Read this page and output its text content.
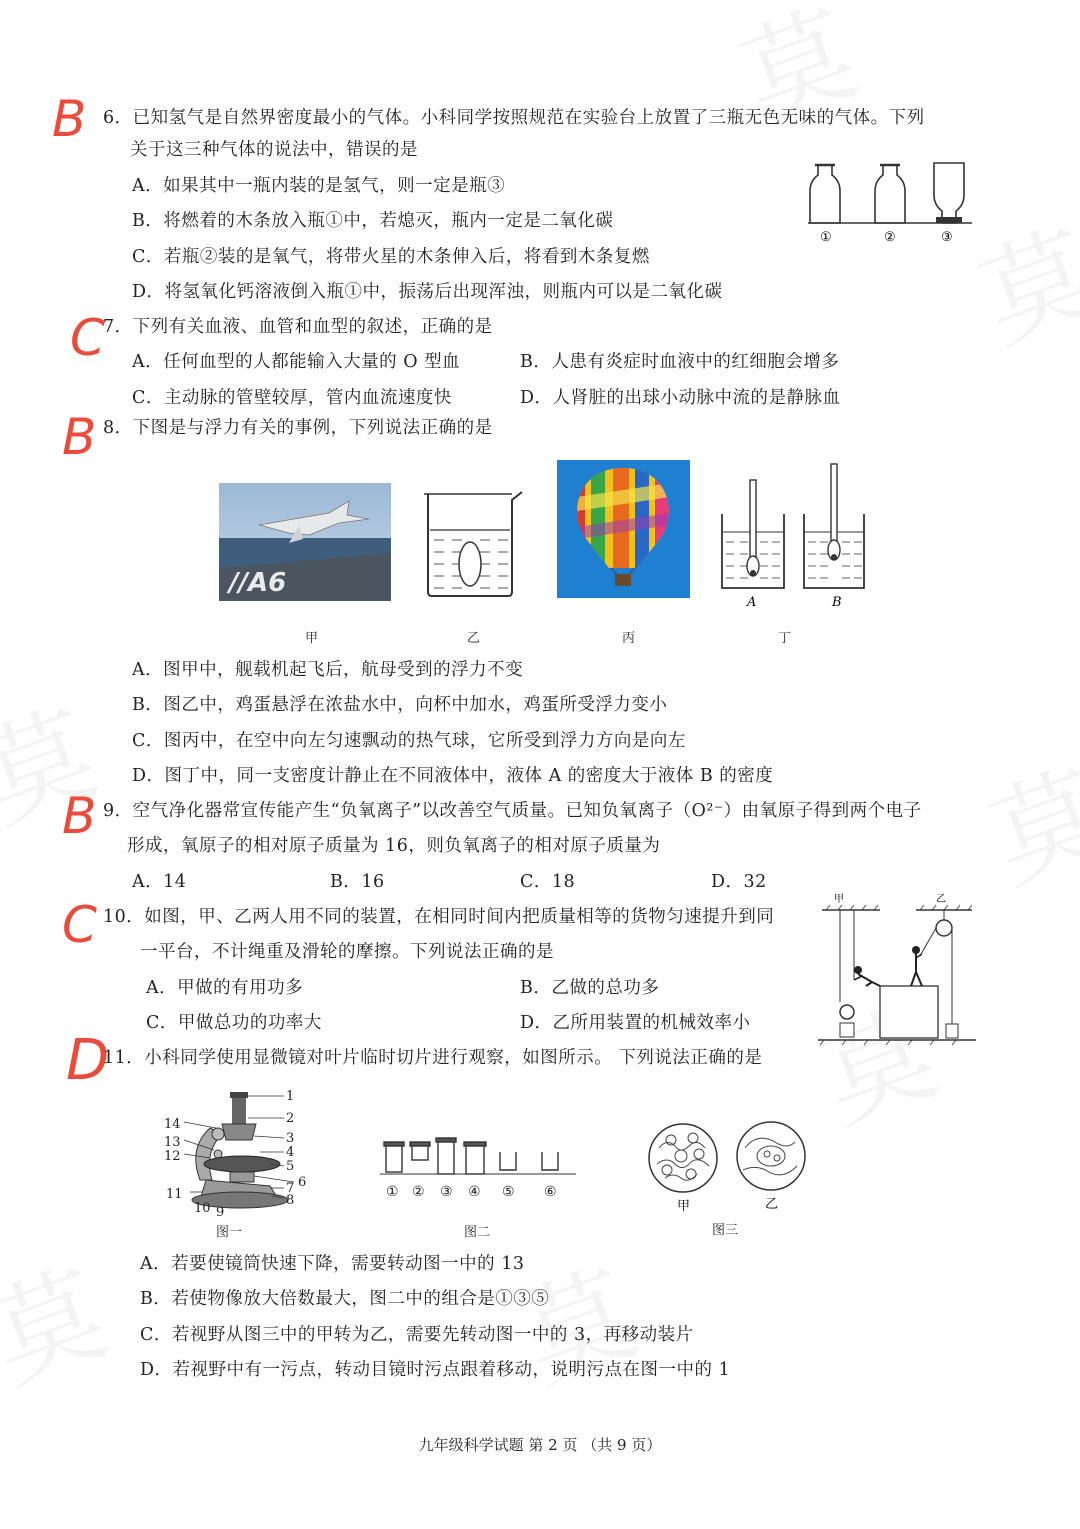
B 6．已知氢气是自然界密度最小的气体。小科同学按照规范在实验台上放置了三瓶无色无味的气体。下列
关于这三种气体的说法中，错误的是
A．如果其中一瓶内装的是氢气，则一定是瓶③
B．将燃着的木条放入瓶①中，若熄灭，瓶内一定是二氧化碳
C．若瓶②装的是氧气，将带火星的木条伸入后，将看到木条复燃
D．将氢氧化钙溶液倒入瓶①中，振荡后出现浑浊，则瓶内可以是二氧化碳
①	②	③
C
7．下列有关血液、血管和血型的叙述，正确的是
A．任何血型的人都能输入大量的 O 型血	B．人患有炎症时血液中的红细胞会增多
C．主动脉的管壁较厚，管内血流速度快	D．人肾脏的出球小动脉中流的是静脉血
B 8．下图是与浮力有关的事例，下列说法正确的是
//A6
A	B
甲	乙	丙	丁
A．图甲中，舰载机起飞后，航母受到的浮力不变
B．图乙中，鸡蛋悬浮在浓盐水中，向杯中加水，鸡蛋所受浮力变小
C．图丙中，在空中向左匀速飘动的热气球，它所受到浮力方向是向左
D．图丁中，同一支密度计静止在不同液体中，液体 A 的密度大于液体 B 的密度
B 9．空气净化器常宣传能产生“负氧离子”以改善空气质量。已知负氧离子（O²⁻）由氧原子得到两个电子
形成，氧原子的相对原子质量为 16，则负氧离子的相对原子质量为
A．14	B．16	C．18	D．32
C 10．如图，甲、乙两人用不同的装置，在相同时间内把质量相等的货物匀速提升到同
一平台，不计绳重及滑轮的摩擦。下列说法正确的是
A．甲做的有用功多	B．乙做的总功多
C．甲做总功的功率大	D．乙所用装置的机械效率小
甲	乙
D
11．小科同学使用显微镜对叶片临时切片进行观察，如图所示。 下列说法正确的是
1
2
3
4
5
6
7
8
9
10
11
12
13
14
图一
① ② ③ ④ ⑤ ⑥
图二
甲	乙
图三
A．若要使镜筒快速下降，需要转动图一中的 13
B．若使物像放大倍数最大，图二中的组合是①③⑤
C．若视野从图三中的甲转为乙，需要先转动图一中的 3，再移动装片
D．若视野中有一污点，转动目镜时污点跟着移动，说明污点在图一中的 1
九年级科学试题 第 2 页 （共 9 页）
